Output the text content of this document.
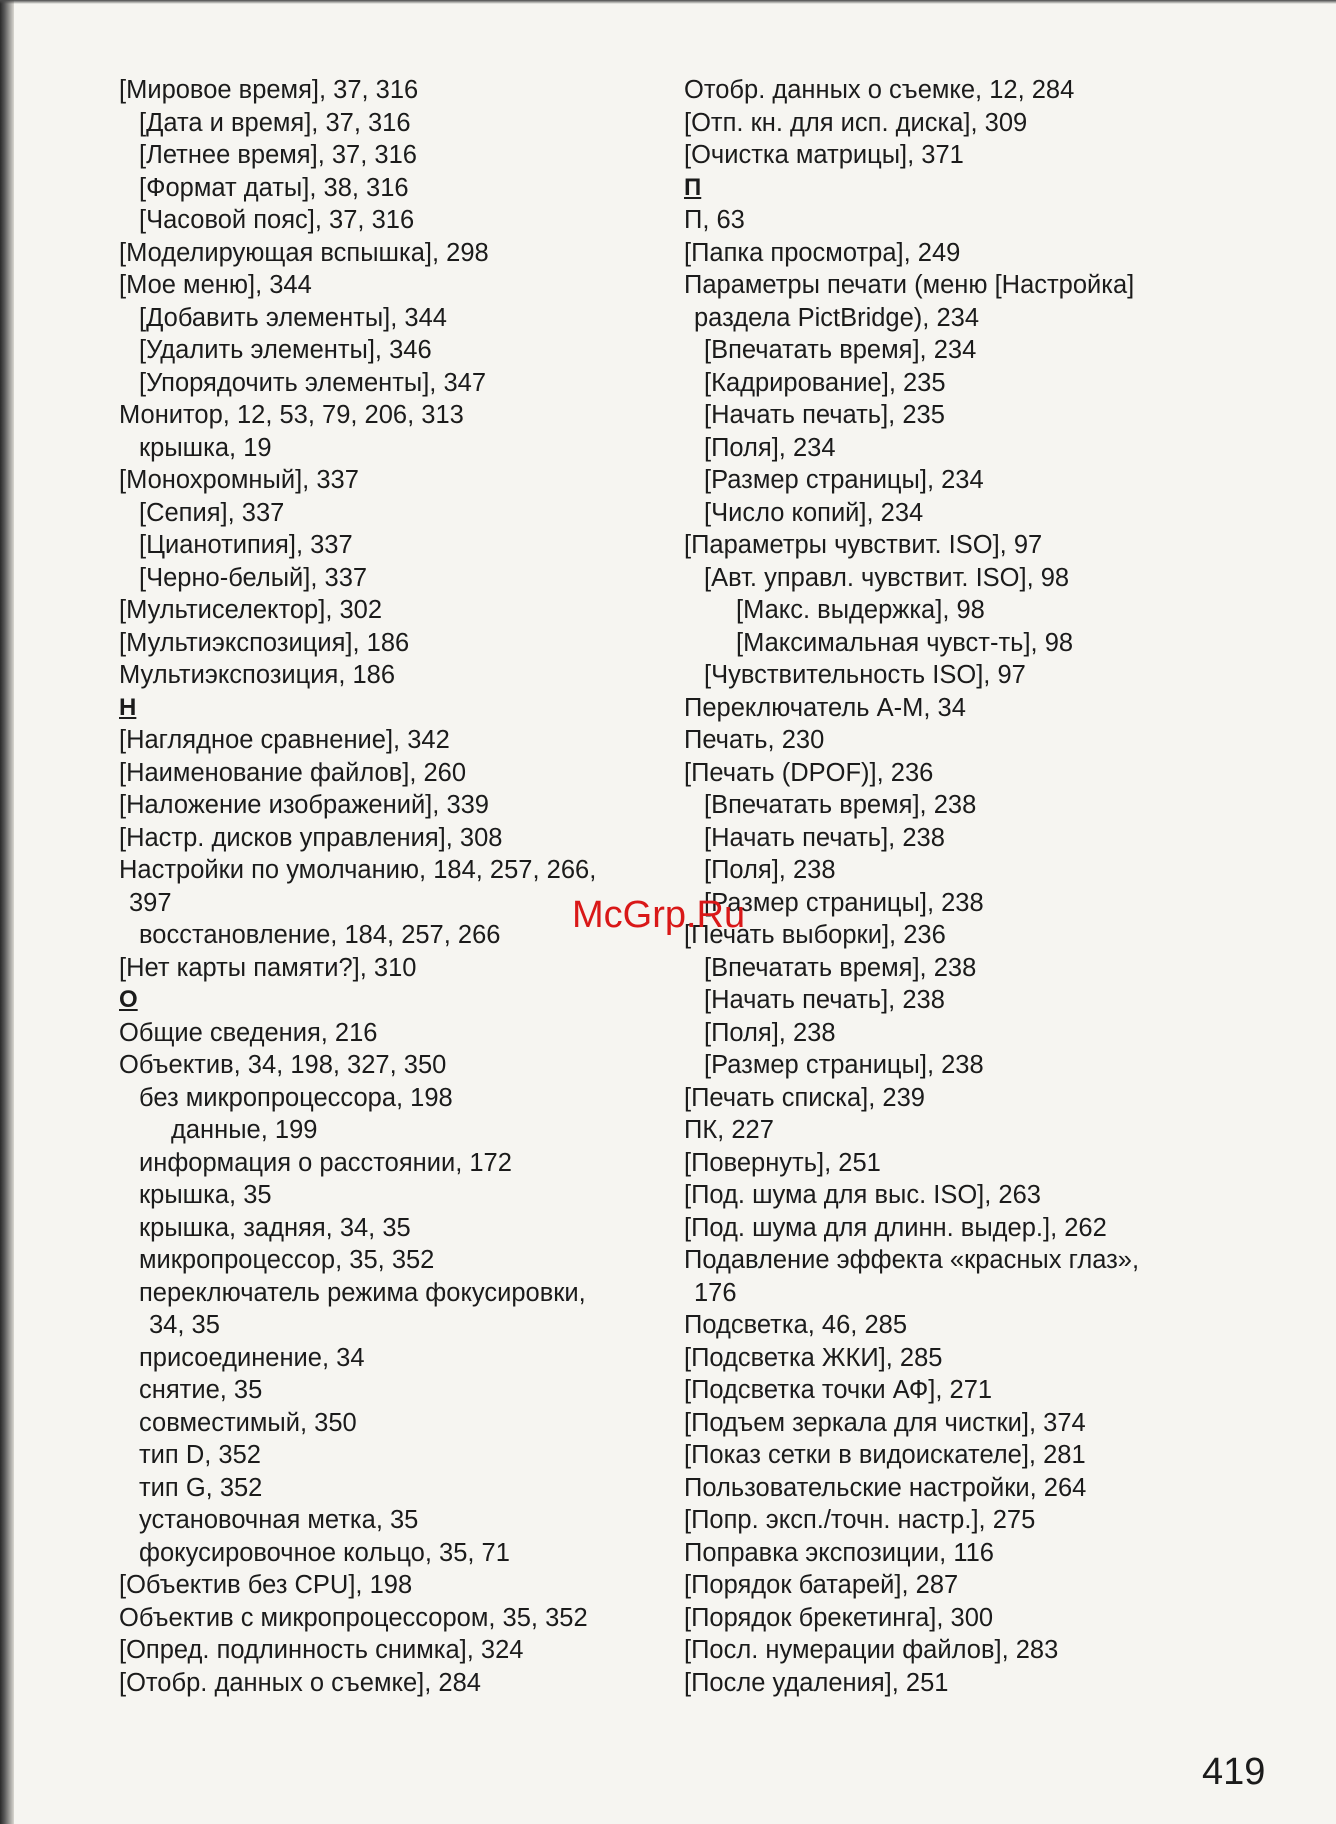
[Мировое время], 37, 316
[Дата и время], 37, 316
[Летнее время], 37, 316
[Формат даты], 38, 316
[Часовой пояс], 37, 316
[Моделирующая вспышка], 298
[Мое меню], 344
[Добавить элементы], 344
[Удалить элементы], 346
[Упорядочить элементы], 347
Монитор, 12, 53, 79, 206, 313
крышка, 19
[Монохромный], 337
[Сепия], 337
[Цианотипия], 337
[Черно-белый], 337
[Мультиселектор], 302
[Мультиэкспозиция], 186
Мультиэкспозиция, 186
Н
[Наглядное сравнение], 342
[Наименование файлов], 260
[Наложение изображений], 339
[Настр. дисков управления], 308
Настройки по умолчанию, 184, 257, 266,
397
восстановление, 184, 257, 266
[Нет карты памяти?], 310
О
Общие сведения, 216
Объектив, 34, 198, 327, 350
без микропроцессора, 198
данные, 199
информация о расстоянии, 172
крышка, 35
крышка, задняя, 34, 35
микропроцессор, 35, 352
переключатель режима фокусировки,
34, 35
присоединение, 34
снятие, 35
совместимый, 350
тип D, 352
тип G, 352
установочная метка, 35
фокусировочное кольцо, 35, 71
[Объектив без CPU], 198
Объектив с микропроцессором, 35, 352
[Опред. подлинность снимка], 324
[Отобр. данных о съемке], 284
Отобр. данных о съемке, 12, 284
[Отп. кн. для исп. диска], 309
[Очистка матрицы], 371
П
П, 63
[Папка просмотра], 249
Параметры печати (меню [Настройка]
раздела PictBridge), 234
[Впечатать время], 234
[Кадрирование], 235
[Начать печать], 235
[Поля], 234
[Размер страницы], 234
[Число копий], 234
[Параметры чувствит. ISO], 97
[Авт. управл. чувствит. ISO], 98
[Макс. выдержка], 98
[Максимальная чувст-ть], 98
[Чувствительность ISO], 97
Переключатель A-M, 34
Печать, 230
[Печать (DPOF)], 236
[Впечатать время], 238
[Начать печать], 238
[Поля], 238
[Размер страницы], 238
[Печать выборки], 236
[Впечатать время], 238
[Начать печать], 238
[Поля], 238
[Размер страницы], 238
[Печать списка], 239
ПК, 227
[Повернуть], 251
[Под. шума для выс. ISO], 263
[Под. шума для длинн. выдер.], 262
Подавление эффекта «красных глаз»,
176
Подсветка, 46, 285
[Подсветка ЖКИ], 285
[Подсветка точки АФ], 271
[Подъем зеркала для чистки], 374
[Показ сетки в видоискателе], 281
Пользовательские настройки, 264
[Попр. эксп./точн. настр.], 275
Поправка экспозиции, 116
[Порядок батарей], 287
[Порядок брекетинга], 300
[Посл. нумерации файлов], 283
[После удаления], 251
McGrp.Ru
419
